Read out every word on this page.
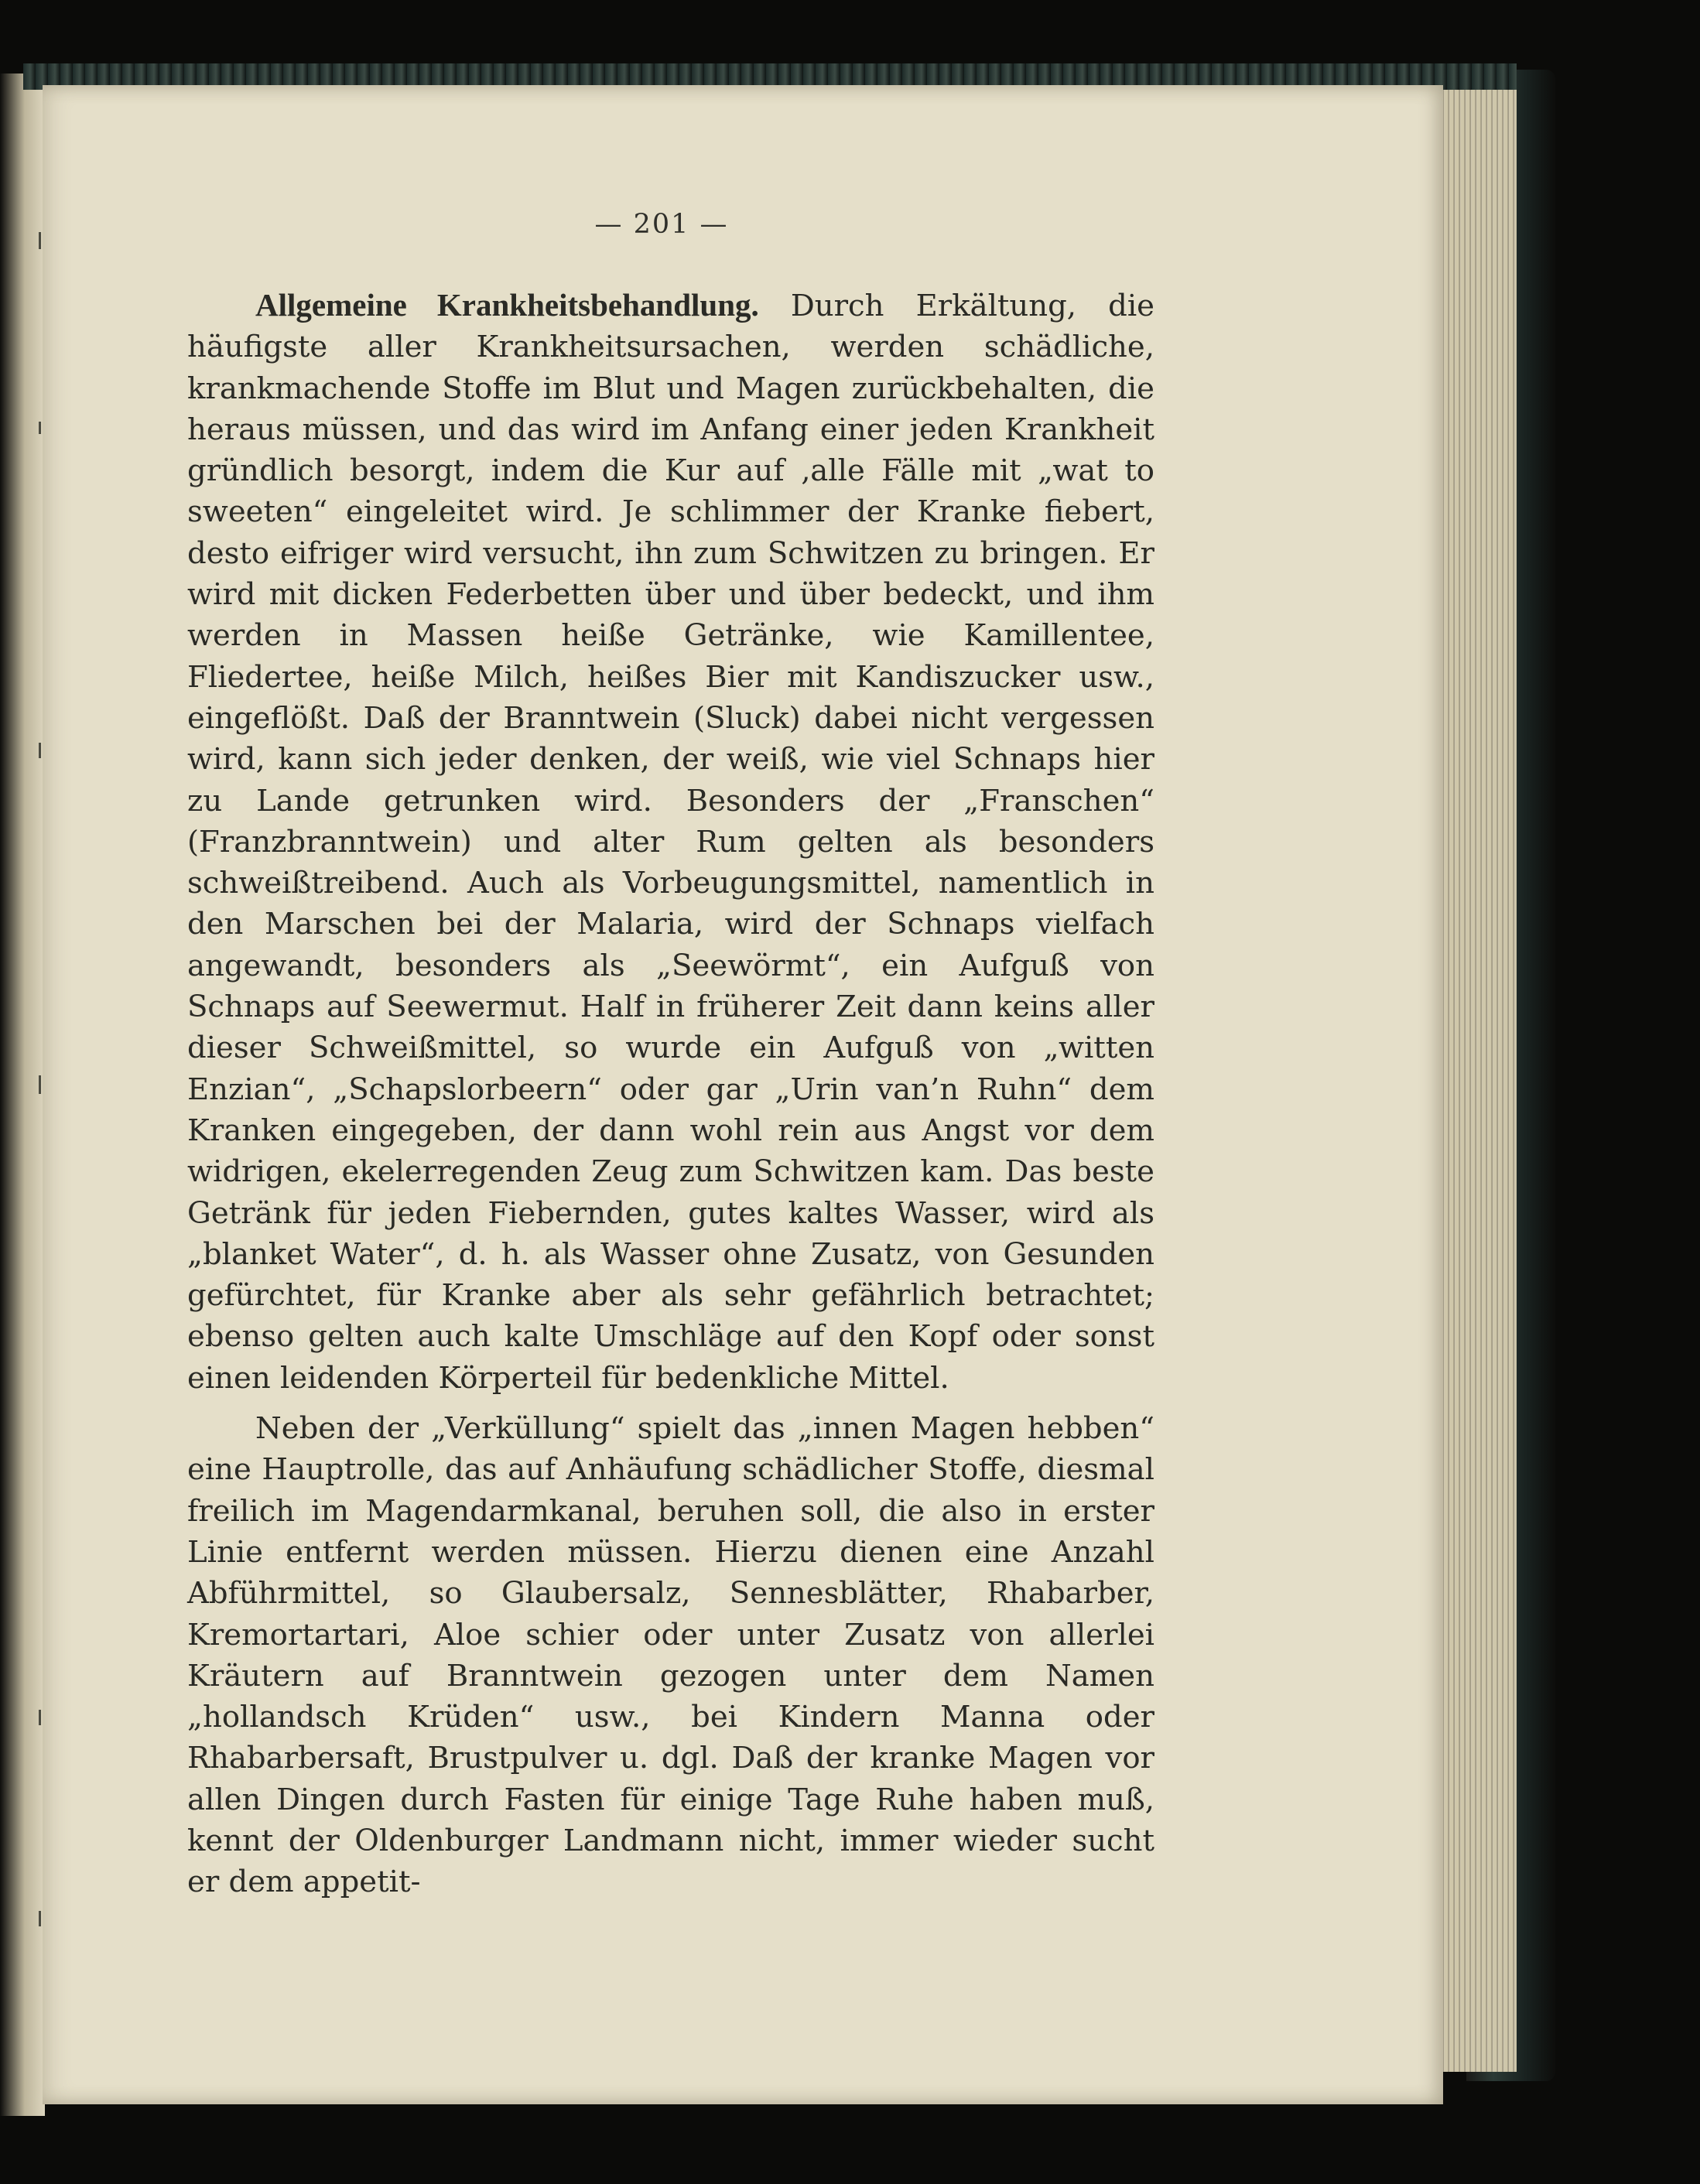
— 201 —

Allgemeine Krankheitsbehandlung. Durch Erkältung, die häufigste aller Krankheitsursachen, werden schädliche, krankmachende Stoffe im Blut und Magen zurückbehalten, die heraus müssen, und das wird im Anfang einer jeden Krankheit gründlich besorgt, indem die Kur auf ‚alle Fälle mit „wat to sweeten“ eingeleitet wird. Je schlimmer der Kranke fiebert, desto eifriger wird versucht, ihn zum Schwitzen zu bringen. Er wird mit dicken Federbetten über und über bedeckt, und ihm werden in Massen heiße Getränke, wie Kamillentee, Fliedertee, heiße Milch, heißes Bier mit Kandiszucker usw., eingeflößt. Daß der Branntwein (Sluck) dabei nicht vergessen wird, kann sich jeder denken, der weiß, wie viel Schnaps hier zu Lande getrunken wird. Besonders der „Franschen“ (Franzbranntwein) und alter Rum gelten als besonders schweißtreibend. Auch als Vorbeugungsmittel, namentlich in den Marschen bei der Malaria, wird der Schnaps vielfach angewandt, besonders als „Seewörmt“, ein Aufguß von Schnaps auf Seewermut. Half in früherer Zeit dann keins aller dieser Schweißmittel, so wurde ein Aufguß von „witten Enzian“, „Schapslorbeern“ oder gar „Urin van’n Ruhn“ dem Kranken eingegeben, der dann wohl rein aus Angst vor dem widrigen, ekelerregenden Zeug zum Schwitzen kam. Das beste Getränk für jeden Fiebernden, gutes kaltes Wasser, wird als „blanket Water“, d. h. als Wasser ohne Zusatz, von Gesunden gefürchtet, für Kranke aber als sehr gefährlich betrachtet; ebenso gelten auch kalte Umschläge auf den Kopf oder sonst einen leidenden Körperteil für bedenkliche Mittel.

Neben der „Verküllung“ spielt das „innen Magen hebben“ eine Hauptrolle, das auf Anhäufung schädlicher Stoffe, diesmal freilich im Magendarmkanal, beruhen soll, die also in erster Linie entfernt werden müssen. Hierzu dienen eine Anzahl Abführmittel, so Glaubersalz, Sennesblätter, Rhabarber, Kremortartari, Aloe schier oder unter Zusatz von allerlei Kräutern auf Branntwein gezogen unter dem Namen „hollandsch Krüden“ usw., bei Kindern Manna oder Rhabarbersaft, Brustpulver u. dgl. Daß der kranke Magen vor allen Dingen durch Fasten für einige Tage Ruhe haben muß, kennt der Oldenburger Landmann nicht, immer wieder sucht er dem appetit-
